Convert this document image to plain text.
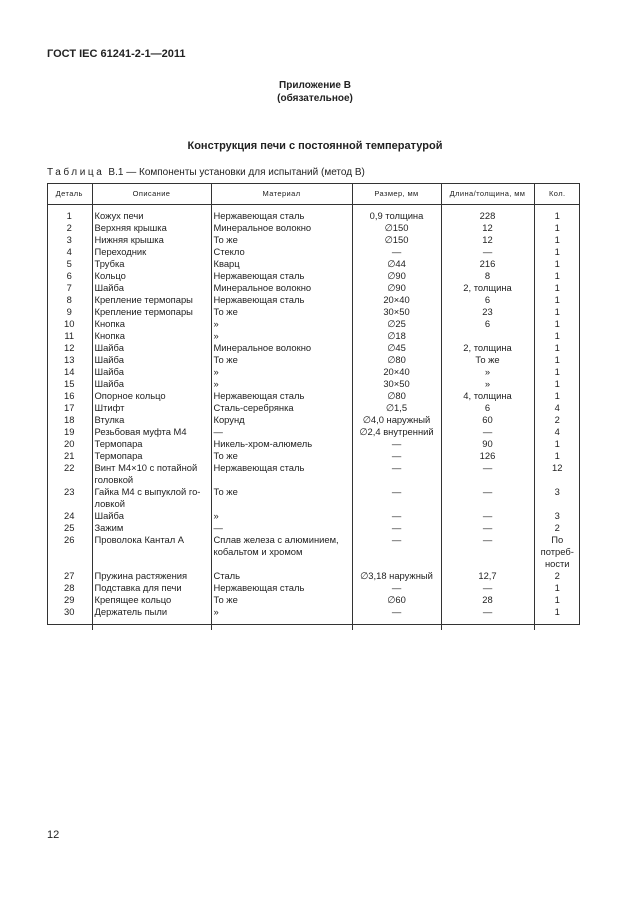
ГОСТ IEC 61241-2-1—2011
Приложение В
(обязательное)
Конструкция печи с постоянной температурой
Таблица В.1 — Компоненты установки для испытаний (метод В)
Деталь	Описание	Материал	Размер, мм	Длина/толщина, мм	Кол.
1	Кожух печи	Нержавеющая сталь	0,9 толщина	228	1
2	Верхняя крышка	Минеральное волокно	∅150	12	1
3	Нижняя крышка	То же	∅150	12	1
4	Переходник	Стекло	—	—	1
5	Трубка	Кварц	∅44	216	1
6	Кольцо	Нержавеющая сталь	∅90	8	1
7	Шайба	Минеральное волокно	∅90	2, толщина	1
8	Крепление термопары	Нержавеющая сталь	20×40	6	1
9	Крепление термопары	То же	30×50	23	1
10	Кнопка	»	∅25	6	1
11	Кнопка	»	∅18		1
12	Шайба	Минеральное волокно	∅45	2, толщина	1
13	Шайба	То же	∅80	То же	1
14	Шайба	»	20×40	»	1
15	Шайба	»	30×50	»	1
16	Опорное кольцо	Нержавеющая сталь	∅80	4, толщина	1
17	Штифт	Сталь-серебрянка	∅1,5	6	4
18	Втулка	Корунд	∅4,0 наружный	60	2
19	Резьбовая муфта М4	—	∅2,4 внутренний	—	4
20	Термопара	Никель-хром-алюмель	—	90	1
21	Термопара	То же	—	126	1
22	Винт М4×10 с потайной
головкой	Нержавеющая сталь	—	—	12
23	Гайка М4 с выпуклой го-
ловкой	То же	—	—	3
24	Шайба	»	—	—	3
25	Зажим	—	—	—	2
26	Проволока Кантал А	Сплав железа с алюминием,
кобальтом и хромом	—	—	По
потреб-
ности
27	Пружина растяжения	Сталь	∅3,18 наружный	12,7	2
28	Подставка для печи	Нержавеющая сталь	—	—	1
29	Крепящее кольцо	То же	∅60	28	1
30	Держатель пыли	»	—	—	1

12
